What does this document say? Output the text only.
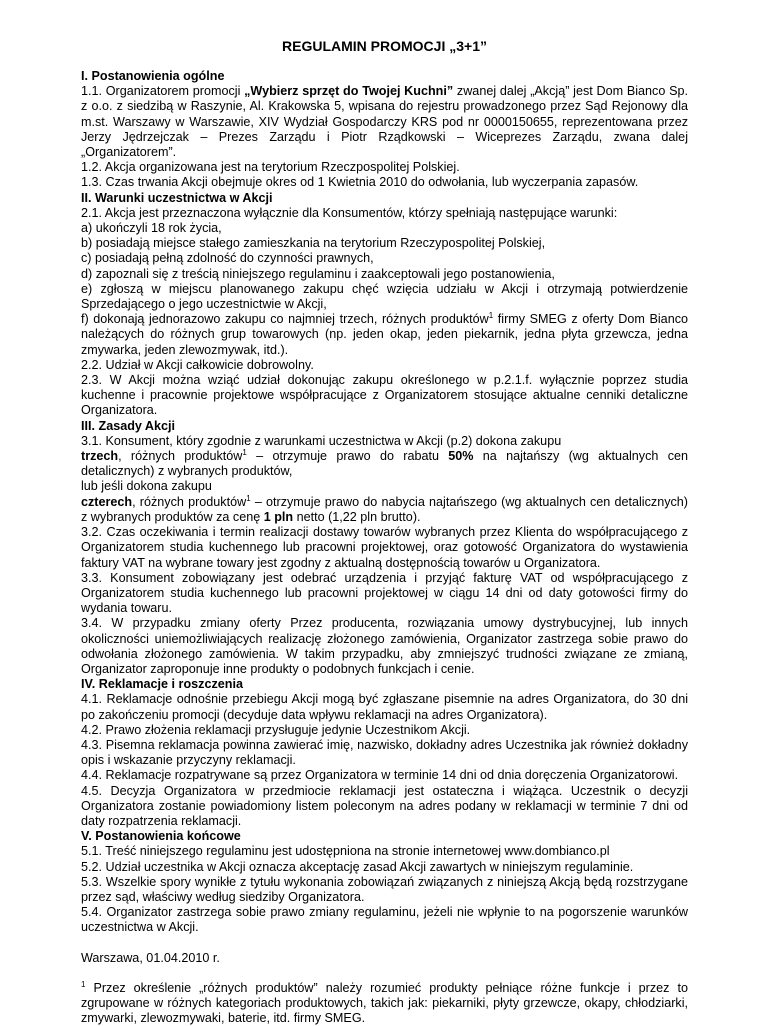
REGULAMIN PROMOCJI „3+1”
I. Postanowienia ogólne

1.1. Organizatorem promocji „Wybierz sprzęt do Twojej Kuchni” zwanej dalej „Akcją” jest Dom Bianco Sp. z o.o. z siedzibą w Raszynie, Al. Krakowska 5, wpisana do rejestru prowadzonego przez Sąd Rejonowy dla m.st. Warszawy w Warszawie, XIV Wydział Gospodarczy KRS pod nr 0000150655, reprezentowana przez Jerzy Jędrzejczak – Prezes Zarządu i Piotr Rządkowski – Wiceprezes Zarządu, zwana dalej „Organizatorem”.

1.2. Akcja organizowana jest na terytorium Rzeczpospolitej Polskiej.

1.3. Czas trwania Akcji obejmuje okres od 1 Kwietnia 2010 do odwołania, lub wyczerpania zapasów.

II. Warunki uczestnictwa w Akcji

2.1. Akcja jest przeznaczona wyłącznie dla Konsumentów, którzy spełniają następujące warunki:

a) ukończyli 18 rok życia,

b) posiadają miejsce stałego zamieszkania na terytorium Rzeczypospolitej Polskiej,

c) posiadają pełną zdolność do czynności prawnych,

d) zapoznali się z treścią niniejszego regulaminu i zaakceptowali jego postanowienia,

e) zgłoszą w miejscu planowanego zakupu chęć wzięcia udziału w Akcji i otrzymają potwierdzenie Sprzedającego o jego uczestnictwie w Akcji,

f) dokonają jednorazowo zakupu co najmniej trzech, różnych produktów$^1$ firmy SMEG z oferty Dom Bianco należących do różnych grup towarowych (np. jeden okap, jeden piekarnik, jedna płyta grzewcza, jedna zmywarka, jeden zlewozmywak, itd.).

2.2. Udział w Akcji całkowicie dobrowolny.

2.3. W Akcji można wziąć udział dokonując zakupu określonego w p.2.1.f. wyłącznie poprzez studia kuchenne i pracownie projektowe współpracujące z Organizatorem stosujące aktualne cenniki detaliczne Organizatora.

III. Zasady Akcji

3.1. Konsument, który zgodnie z warunkami uczestnictwa w Akcji (p.2) dokona zakupu

trzech, różnych produktów$^1$ – otrzymuje prawo do rabatu 50% na najtańszy (wg aktualnych cen detalicznych) z wybranych produktów,

lub jeśli dokona zakupu

czterech, różnych produktów$^1$ – otrzymuje prawo do nabycia najtańszego (wg aktualnych cen detalicznych) z wybranych produktów za cenę 1 pln netto (1,22 pln brutto).

3.2. Czas oczekiwania i termin realizacji dostawy towarów wybranych przez Klienta do współpracującego z Organizatorem studia kuchennego lub pracowni projektowej, oraz gotowość Organizatora do wystawienia faktury VAT na wybrane towary jest zgodny z aktualną dostępnością towarów u Organizatora.

3.3. Konsument zobowiązany jest odebrać urządzenia i przyjąć fakturę VAT od współpracującego z Organizatorem studia kuchennego lub pracowni projektowej w ciągu 14 dni od daty gotowości firmy do wydania towaru.

3.4. W przypadku zmiany oferty Przez producenta, rozwiązania umowy dystrybucyjnej, lub innych okoliczności uniemożliwiających realizację złożonego zamówienia, Organizator zastrzega sobie prawo do odwołania złożonego zamówienia. W takim przypadku, aby zmniejszyć trudności związane ze zmianą, Organizator zaproponuje inne produkty o podobnych funkcjach i cenie.

IV. Reklamacje i roszczenia

4.1. Reklamacje odnośnie przebiegu Akcji mogą być zgłaszane pisemnie na adres Organizatora, do 30 dni po zakończeniu promocji (decyduje data wpływu reklamacji na adres Organizatora).

4.2. Prawo złożenia reklamacji przysługuje jedynie Uczestnikom Akcji.

4.3. Pisemna reklamacja powinna zawierać imię, nazwisko, dokładny adres Uczestnika jak również dokładny opis i wskazanie przyczyny reklamacji.

4.4. Reklamacje rozpatrywane są przez Organizatora w terminie 14 dni od dnia doręczenia Organizatorowi.

4.5. Decyzja Organizatora w przedmiocie reklamacji jest ostateczna i wiążąca. Uczestnik o decyzji Organizatora zostanie powiadomiony listem poleconym na adres podany w reklamacji w terminie 7 dni od daty rozpatrzenia reklamacji.

V. Postanowienia końcowe

5.1. Treść niniejszego regulaminu jest udostępniona na stronie internetowej www.dombianco.pl

5.2. Udział uczestnika w Akcji oznacza akceptację zasad Akcji zawartych w niniejszym regulaminie.

5.3. Wszelkie spory wynikłe z tytułu wykonania zobowiązań związanych z niniejszą Akcją będą rozstrzygane przez sąd, właściwy według siedziby Organizatora.

5.4. Organizator zastrzega sobie prawo zmiany regulaminu, jeżeli nie wpłynie to na pogorszenie warunków uczestnictwa w Akcji.

Warszawa, 01.04.2010 r.

$^1$ Przez określenie „różnych produktów” należy rozumieć produkty pełniące różne funkcje i przez to zgrupowane w różnych kategoriach produktowych, takich jak: piekarniki, płyty grzewcze, okapy, chłodziarki, zmywarki, zlewozmywaki, baterie, itd. firmy SMEG.
